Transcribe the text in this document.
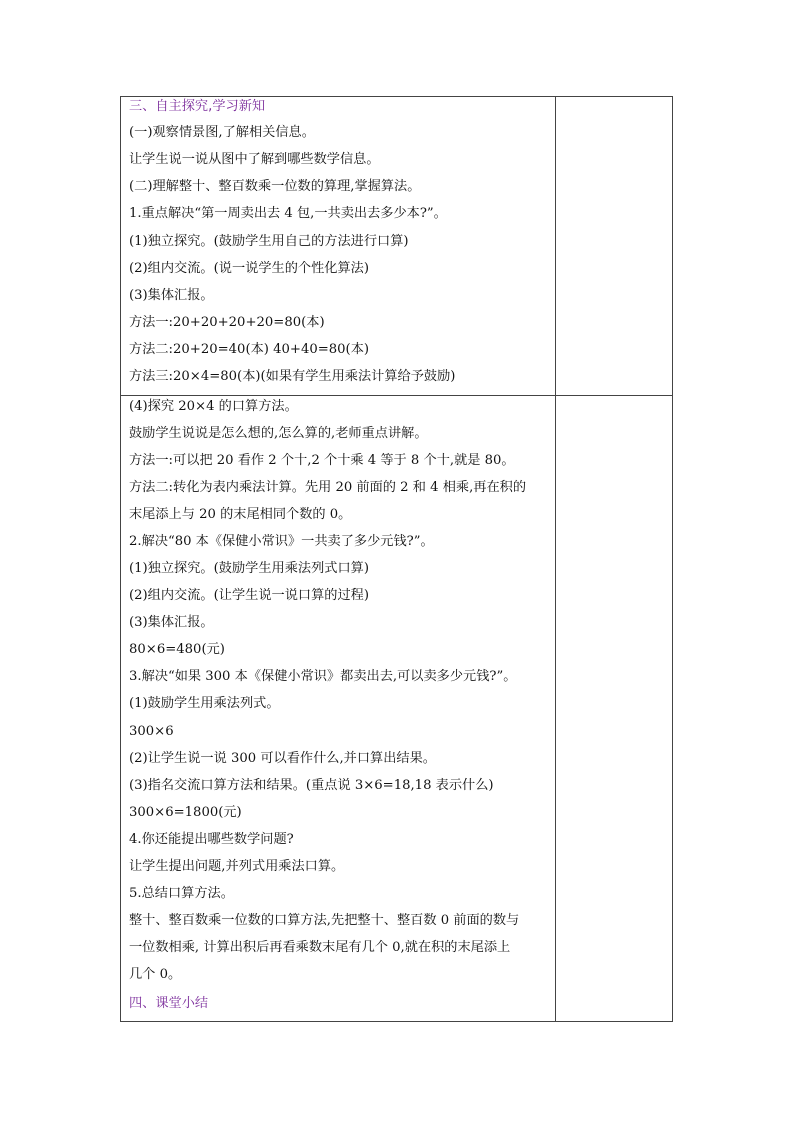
三、自主探究,学习新知
(一)观察情景图,了解相关信息。
让学生说一说从图中了解到哪些数学信息。
(二)理解整十、整百数乘一位数的算理,掌握算法。
1.重点解决“第一周卖出去 4 包,一共卖出去多少本?”。
(1)独立探究。(鼓励学生用自己的方法进行口算)
(2)组内交流。(说一说学生的个性化算法)
(3)集体汇报。
方法一:20+20+20+20=80(本)
方法二:20+20=40(本) 40+40=80(本)
方法三:20×4=80(本)(如果有学生用乘法计算给予鼓励)
(4)探究 20×4 的口算方法。
鼓励学生说说是怎么想的,怎么算的,老师重点讲解。
方法一:可以把 20 看作 2 个十,2 个十乘 4 等于 8 个十,就是 80。
方法二:转化为表内乘法计算。先用 20 前面的 2 和 4 相乘,再在积的
末尾添上与 20 的末尾相同个数的 0。
2.解决“80 本《保健小常识》一共卖了多少元钱?”。
(1)独立探究。(鼓励学生用乘法列式口算)
(2)组内交流。(让学生说一说口算的过程)
(3)集体汇报。
80×6=480(元)
3.解决“如果 300 本《保健小常识》都卖出去,可以卖多少元钱?”。
(1)鼓励学生用乘法列式。
300×6
(2)让学生说一说 300 可以看作什么,并口算出结果。
(3)指名交流口算方法和结果。(重点说 3×6=18,18 表示什么)
300×6=1800(元)
4.你还能提出哪些数学问题?
让学生提出问题,并列式用乘法口算。
5.总结口算方法。
整十、整百数乘一位数的口算方法,先把整十、整百数 0 前面的数与
一位数相乘, 计算出积后再看乘数末尾有几个 0,就在积的末尾添上
几个 0。
四、课堂小结
